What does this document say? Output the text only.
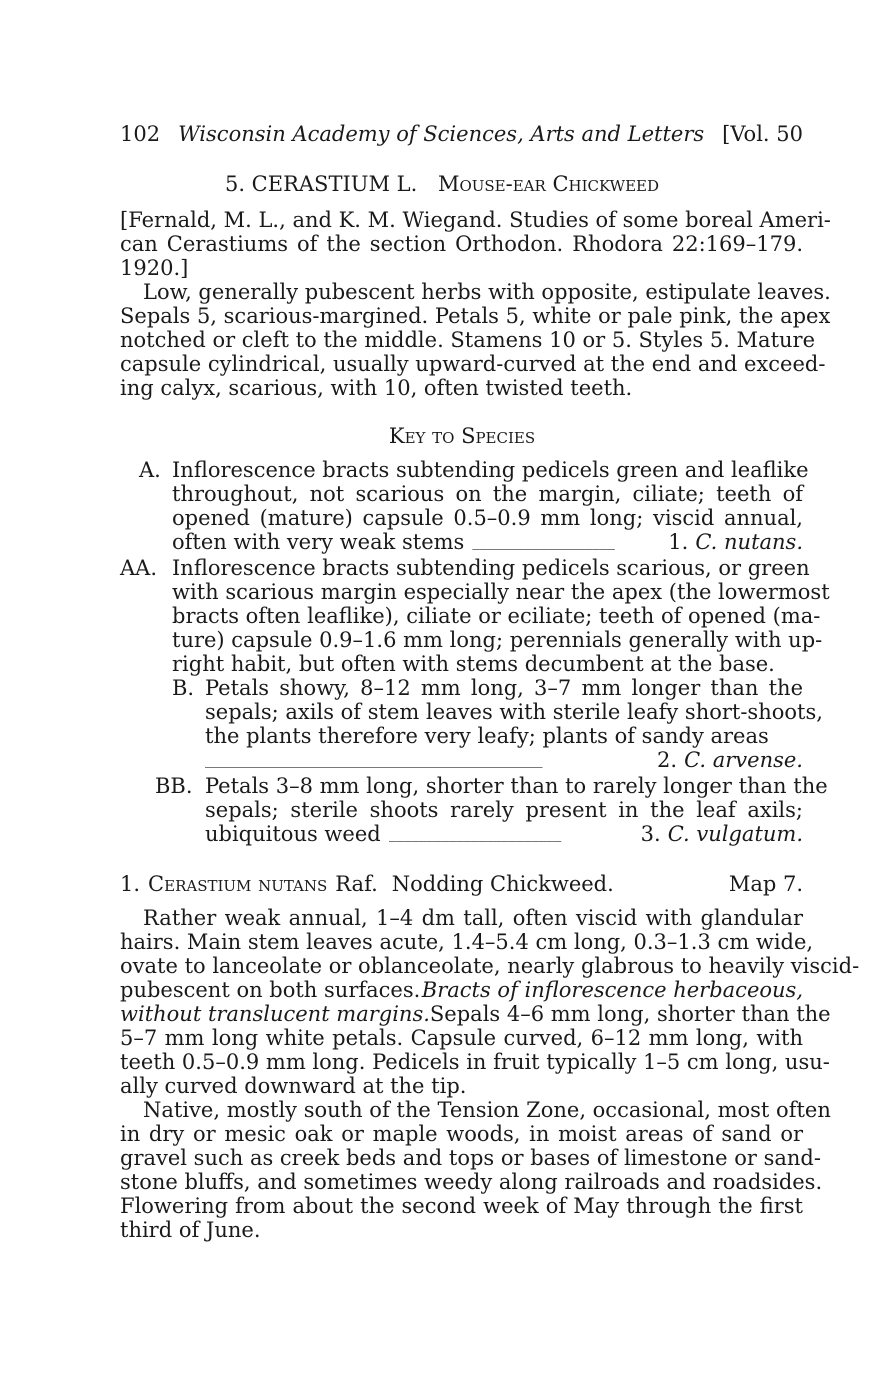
102 Wisconsin Academy of Sciences, Arts and Letters [Vol. 50
5. CERASTIUM L. Mouse-ear Chickweed
[Fernald, M. L., and K. M. Wiegand. Studies of some boreal Ameri-
can Cerastiums of the section Orthodon. Rhodora 22:169–179.
1920.]
Low, generally pubescent herbs with opposite, estipulate leaves.
Sepals 5, scarious-margined. Petals 5, white or pale pink, the apex
notched or cleft to the middle. Stamens 10 or 5. Styles 5. Mature
capsule cylindrical, usually upward-curved at the end and exceed-
ing calyx, scarious, with 10, often twisted teeth.
Key to Species
A. Inflorescence bracts subtending pedicels green and leaflike
throughout, not scarious on the margin, ciliate; teeth of
opened (mature) capsule 0.5–0.9 mm long; viscid annual,
often with very weak stems ___________________	1. C. nutans.
AA. Inflorescence bracts subtending pedicels scarious, or green
with scarious margin especially near the apex (the lowermost
bracts often leaflike), ciliate or eciliate; teeth of opened (ma-
ture) capsule 0.9–1.6 mm long; perennials generally with up-
right habit, but often with stems decumbent at the base.
B. Petals showy, 8–12 mm long, 3–7 mm longer than the
sepals; axils of stem leaves with sterile leafy short-shoots,
the plants therefore very leafy; plants of sandy areas
_____________________________________________	2. C. arvense.
BB. Petals 3–8 mm long, shorter than to rarely longer than the
sepals; sterile shoots rarely present in the leaf axils;
ubiquitous weed _______________________	3. C. vulgatum.
1. Cerastium nutans Raf. Nodding Chickweed.	Map 7.
Rather weak annual, 1–4 dm tall, often viscid with glandular
hairs. Main stem leaves acute, 1.4–5.4 cm long, 0.3–1.3 cm wide,
ovate to lanceolate or oblanceolate, nearly glabrous to heavily viscid-
pubescent on both surfaces. Bracts of inflorescence herbaceous,
without translucent margins. Sepals 4–6 mm long, shorter than the
5–7 mm long white petals. Capsule curved, 6–12 mm long, with
teeth 0.5–0.9 mm long. Pedicels in fruit typically 1–5 cm long, usu-
ally curved downward at the tip.
Native, mostly south of the Tension Zone, occasional, most often
in dry or mesic oak or maple woods, in moist areas of sand or
gravel such as creek beds and tops or bases of limestone or sand-
stone bluffs, and sometimes weedy along railroads and roadsides.
Flowering from about the second week of May through the first
third of June.
